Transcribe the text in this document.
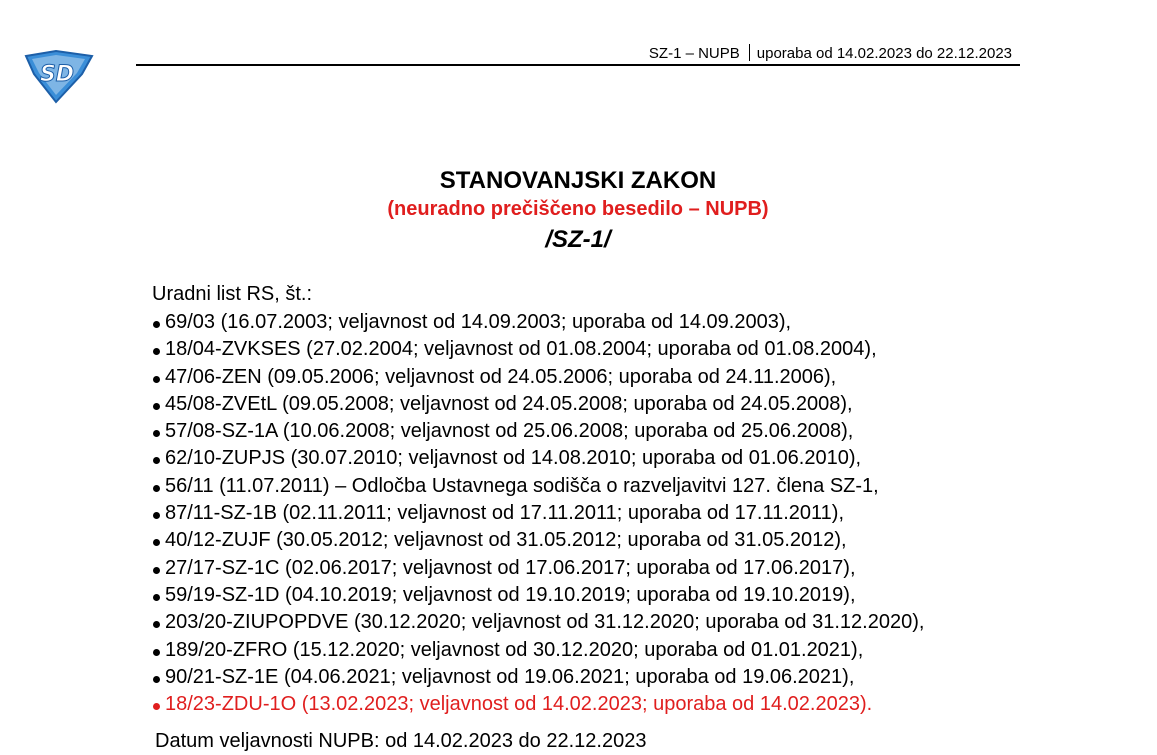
SD
SZ-1 – NUPB uporaba od 14.02.2023 do 22.12.2023
STANOVANJSKI ZAKON
(neuradno prečiščeno besedilo – NUPB)
/SZ-1/
Uradni list RS, št.:
69/03 (16.07.2003; veljavnost od 14.09.2003; uporaba od 14.09.2003),
18/04-ZVKSES (27.02.2004; veljavnost od 01.08.2004; uporaba od 01.08.2004),
47/06-ZEN (09.05.2006; veljavnost od 24.05.2006; uporaba od 24.11.2006),
45/08-ZVEtL (09.05.2008; veljavnost od 24.05.2008; uporaba od 24.05.2008),
57/08-SZ-1A (10.06.2008; veljavnost od 25.06.2008; uporaba od 25.06.2008),
62/10-ZUPJS (30.07.2010; veljavnost od 14.08.2010; uporaba od 01.06.2010),
56/11 (11.07.2011) – Odločba Ustavnega sodišča o razveljavitvi 127. člena SZ-1,
87/11-SZ-1B (02.11.2011; veljavnost od 17.11.2011; uporaba od 17.11.2011),
40/12-ZUJF (30.05.2012; veljavnost od 31.05.2012; uporaba od 31.05.2012),
27/17-SZ-1C (02.06.2017; veljavnost od 17.06.2017; uporaba od 17.06.2017),
59/19-SZ-1D (04.10.2019; veljavnost od 19.10.2019; uporaba od 19.10.2019),
203/20-ZIUPOPDVE (30.12.2020; veljavnost od 31.12.2020; uporaba od 31.12.2020),
189/20-ZFRO (15.12.2020; veljavnost od 30.12.2020; uporaba od 01.01.2021),
90/21-SZ-1E (04.06.2021; veljavnost od 19.06.2021; uporaba od 19.06.2021),
18/23-ZDU-1O (13.02.2023; veljavnost od 14.02.2023; uporaba od 14.02.2023).
Datum veljavnosti NUPB: od 14.02.2023 do 22.12.2023
